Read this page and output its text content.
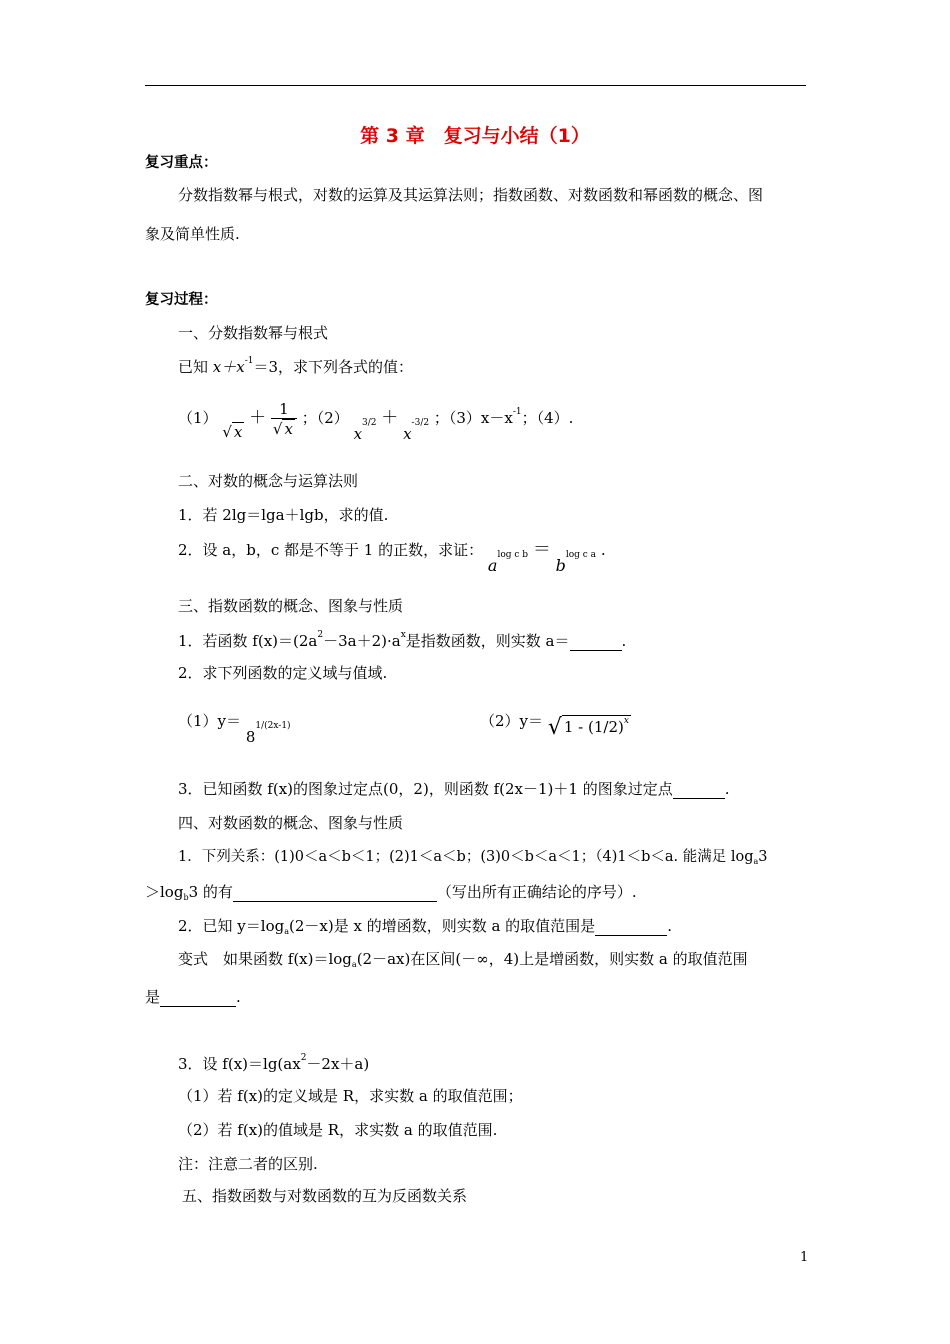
第 3 章　复习与小结（1）
复习重点：
分数指数幂与根式，对数的运算及其运算法则；指数函数、对数函数和幂函数的概念、图
象及简单性质.
复习过程：
一、分数指数幂与根式
已知 $x+x^{-1}=3$，求下列各式的值：
（1） √ $x + \frac{1}{√ x}$ ；（2） $x^{3/2} + x^{-3/2}$ ；$(3)x-x^{-1}$；（4）.
二、对数的概念与运算法则
1．若 2lg＝lga＋lgb，求的值.
2．设 a，b，c 都是不等于 1 的正数，求证： $a^{log c b} = b^{log c a}$ .
三、指数函数的概念、图象与性质
1．若函数 $f(x)=(2a^2-3a+2)\cdot a^x$是指数函数，则实数 a＝	.
2．求下列函数的定义域与值域.
$(1)y= 8^{1/(2x-1)}$	（2）y＝ √ $1 - (1/2)^x$
3．已知函数 f(x)的图象过定点(0，2)，则函数 f(2x－1)＋1 的图象过定点	.
四、对数函数的概念、图象与性质
1．下列关系：(1)0＜a＜b＜1；(2)1＜a＜b；(3)0＜b＜a＜1；（4)1＜b＜a. 能满足 $\log_a3$
$>\log_b3$ 的有	（写出所有正确结论的序号）.
2．已知 $y=\log_a(2-x)$是 x 的增函数，则实数 a 的取值范围是	.
变式　如果函数 $f(x)=\log_a(2-ax)$在区间(－∞，4)上是增函数，则实数 a 的取值范围
是	.
3．设 $f(x)=\lg(ax^2-2x+a)$
（1）若 f(x)的定义域是 R，求实数 a 的取值范围；
（2）若 f(x)的值域是 R，求实数 a 的取值范围.
注：注意二者的区别.
五、指数函数与对数函数的互为反函数关系
1
